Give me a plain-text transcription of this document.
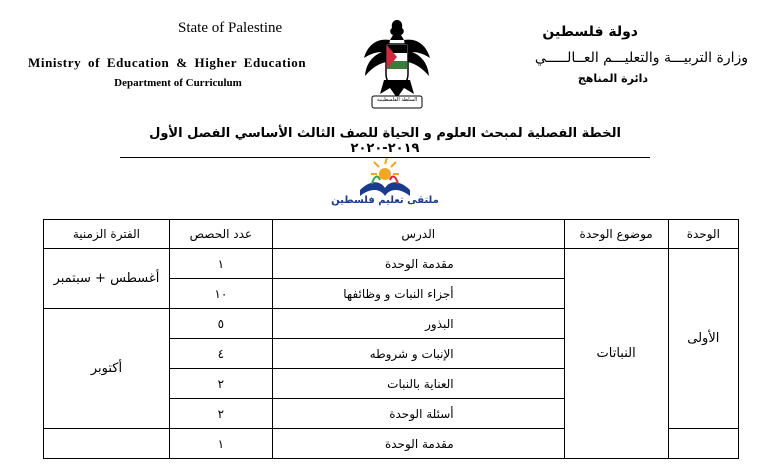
State of Palestine
Ministry of Education & Higher Education
Department of Curriculum
السلطة الفلسطينية
دولة فلسطين
وزارة التربيـــة والتعليـــم العــالـــــي
دائرة المناهج
الخطة الفصلية لمبحث العلوم و الحياة للصف الثالث الأساسي الفصل الأول ٢٠١٩-٢٠٢٠
ملتقى تعليم فلسطين
الوحدة	موضوع الوحدة	الدرس	عدد الحصص	الفترة الزمنية
الأولى	النباتات	مقدمة الوحدة	١	أغسطس + سبتمبر
		أجزاء النبات و وظائفها	١٠	
		البذور	٥	أكتوبر
		الإنبات و شروطه	٤	
		العناية بالنبات	٢	
		أسئلة الوحدة	٢	
		مقدمة الوحدة	١	
